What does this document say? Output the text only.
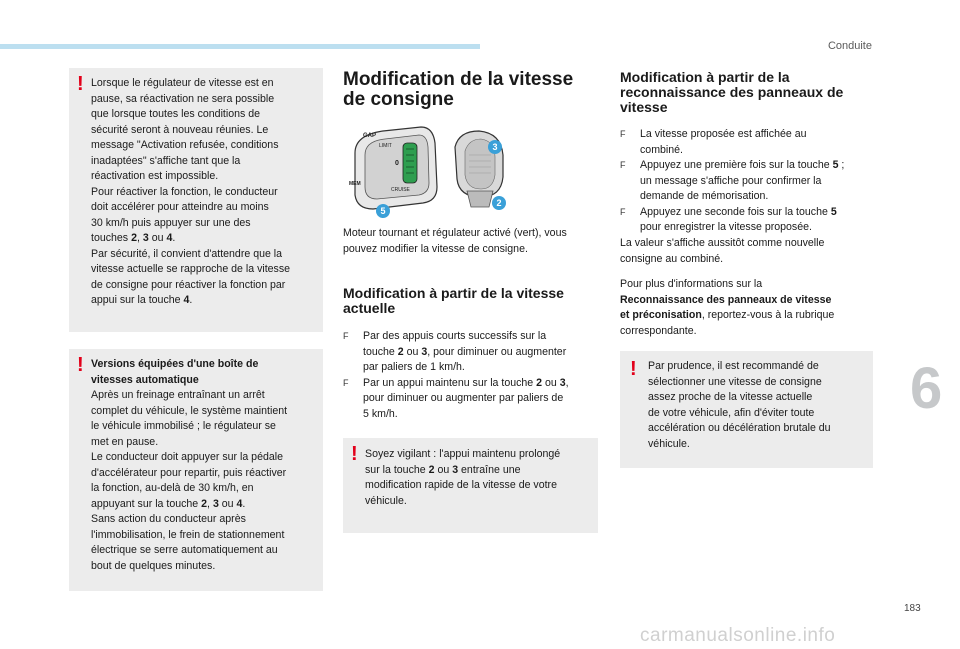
Conduite
! Lorsque le régulateur de vitesse est en

pause, sa réactivation ne sera possible

que lorsque toutes les conditions de

sécurité seront à nouveau réunies. Le

message "Activation refusée, conditions

inadaptées" s'affiche tant que la

réactivation est impossible.

Pour réactiver la fonction, le conducteur

doit accélérer pour atteindre au moins

30 km/h puis appuyer sur une des

touches 2, 3 ou 4.

Par sécurité, il convient d'attendre que la

vitesse actuelle se rapproche de la vitesse

de consigne pour réactiver la fonction par

appui sur la touche 4.

! Versions équipées d'une boîte de

vitesses automatique

Après un freinage entraînant un arrêt

complet du véhicule, le système maintient

le véhicule immobilisé ; le régulateur se

met en pause.

Le conducteur doit appuyer sur la pédale

d'accélérateur pour repartir, puis réactiver

la fonction, au-delà de 30 km/h, en

appuyant sur la touche 2, 3 ou 4.

Sans action du conducteur après

l'immobilisation, le frein de stationnement

électrique se serre automatiquement au

bout de quelques minutes.

Modification de la vitesse
de consigne
GAP
LIMIT
0
CRUISE
MEM
3
2
5

Moteur tournant et régulateur activé (vert), vous

pouvez modifier la vitesse de consigne.

Modification à partir de la vitesse
actuelle
F Par des appuis courts successifs sur la

touche 2 ou 3, pour diminuer ou augmenter

par paliers de 1 km/h.

F Par un appui maintenu sur la touche 2 ou 3,

pour diminuer ou augmenter par paliers de

5 km/h.

! Soyez vigilant : l'appui maintenu prolongé

sur la touche 2 ou 3 entraîne une

modification rapide de la vitesse de votre

véhicule.

Modification à partir de la
reconnaissance des panneaux de
vitesse
F La vitesse proposée est affichée au

combiné.

F Appuyez une première fois sur la touche 5 ;

un message s'affiche pour confirmer la

demande de mémorisation.

F Appuyez une seconde fois sur la touche 5

pour enregistrer la vitesse proposée.

La valeur s'affiche aussitôt comme nouvelle

consigne au combiné.

Pour plus d'informations sur la

Reconnaissance des panneaux de vitesse

et préconisation, reportez-vous à la rubrique

correspondante.

! Par prudence, il est recommandé de

sélectionner une vitesse de consigne

assez proche de la vitesse actuelle

de votre véhicule, afin d'éviter toute

accélération ou décélération brutale du

véhicule.

6
183
carmanualsonline.info
